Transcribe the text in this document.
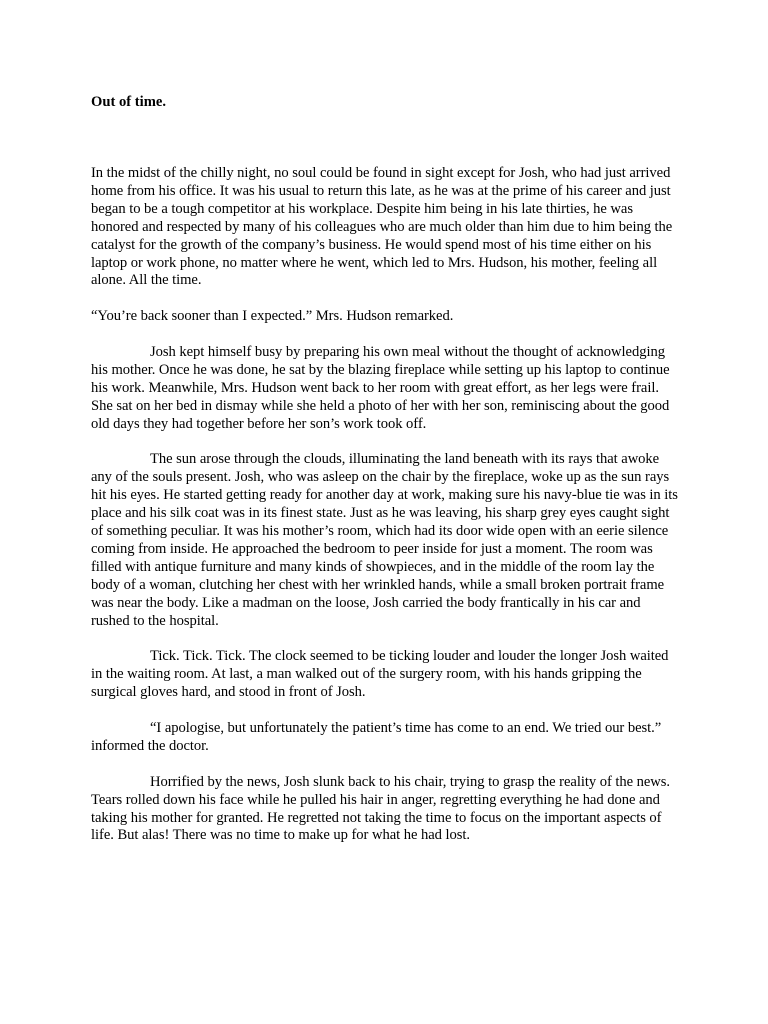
Out of time.

In the midst of the chilly night, no soul could be found in sight except for Josh, who had just arrived home from his office. It was his usual to return this late, as he was at the prime of his career and just began to be a tough competitor at his workplace. Despite him being in his late thirties, he was honored and respected by many of his colleagues who are much older than him due to him being the catalyst for the growth of the company’s business. He would spend most of his time either on his laptop or work phone, no matter where he went, which led to Mrs. Hudson, his mother, feeling all alone. All the time.

“You’re back sooner than I expected.” Mrs. Hudson remarked.

Josh kept himself busy by preparing his own meal without the thought of acknowledging his mother. Once he was done, he sat by the blazing fireplace while setting up his laptop to continue his work. Meanwhile, Mrs. Hudson went back to her room with great effort, as her legs were frail. She sat on her bed in dismay while she held a photo of her with her son, reminiscing about the good old days they had together before her son’s work took off.

The sun arose through the clouds, illuminating the land beneath with its rays that awoke any of the souls present. Josh, who was asleep on the chair by the fireplace, woke up as the sun rays hit his eyes. He started getting ready for another day at work, making sure his navy-blue tie was in its place and his silk coat was in its finest state. Just as he was leaving, his sharp grey eyes caught sight of something peculiar. It was his mother’s room, which had its door wide open with an eerie silence coming from inside. He approached the bedroom to peer inside for just a moment. The room was filled with antique furniture and many kinds of showpieces, and in the middle of the room lay the body of a woman, clutching her chest with her wrinkled hands, while a small broken portrait frame was near the body. Like a madman on the loose, Josh carried the body frantically in his car and rushed to the hospital.

Tick. Tick. Tick. The clock seemed to be ticking louder and louder the longer Josh waited in the waiting room. At last, a man walked out of the surgery room, with his hands gripping the surgical gloves hard, and stood in front of Josh.

“I apologise, but unfortunately the patient’s time has come to an end. We tried our best.” informed the doctor.

Horrified by the news, Josh slunk back to his chair, trying to grasp the reality of the news. Tears rolled down his face while he pulled his hair in anger, regretting everything he had done and taking his mother for granted. He regretted not taking the time to focus on the important aspects of life. But alas! There was no time to make up for what he had lost.
